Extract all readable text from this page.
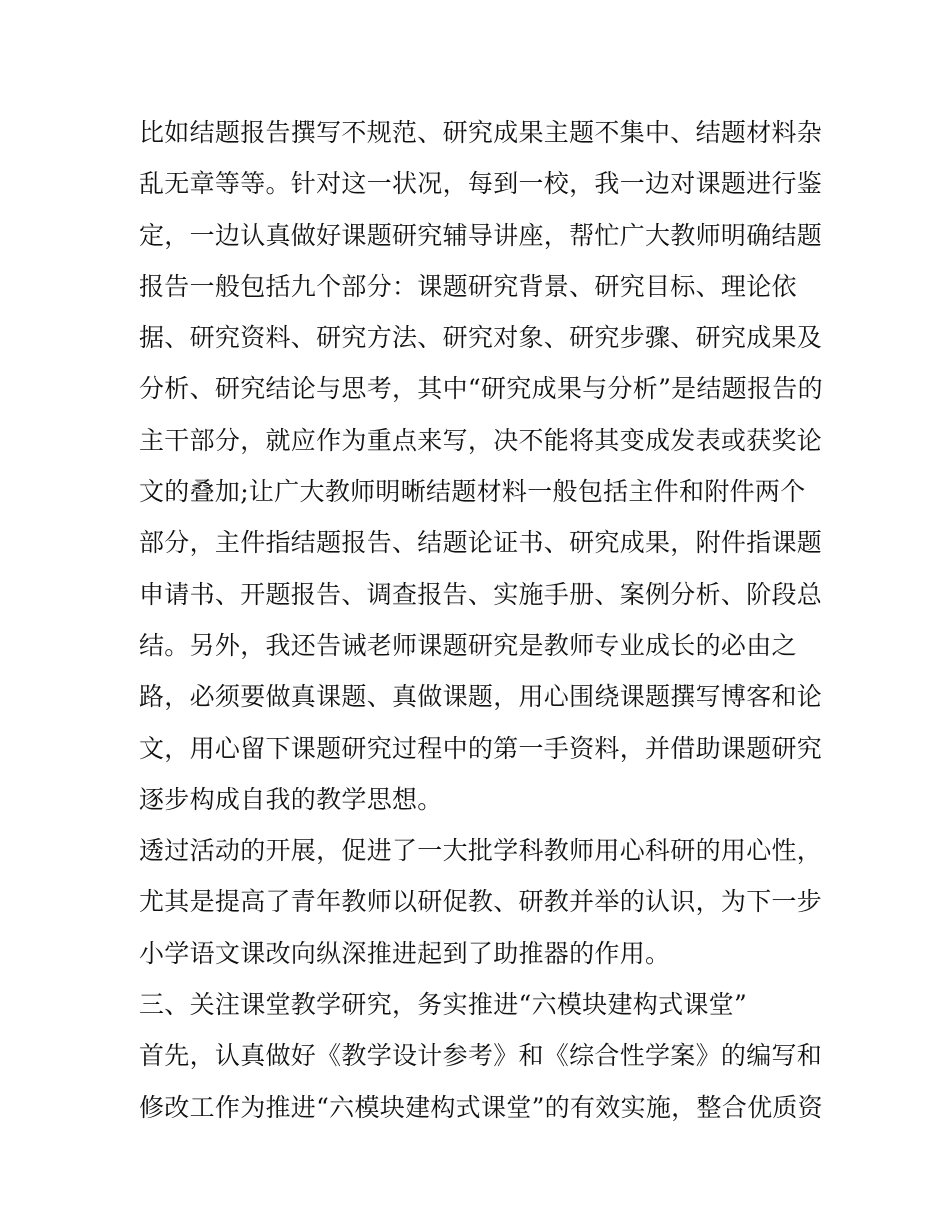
比如结题报告撰写不规范、研究成果主题不集中、结题材料杂
乱无章等等。针对这一状况，每到一校，我一边对课题进行鉴
定，一边认真做好课题研究辅导讲座，帮忙广大教师明确结题
报告一般包括九个部分：课题研究背景、研究目标、理论依
据、研究资料、研究方法、研究对象、研究步骤、研究成果及
分析、研究结论与思考，其中“研究成果与分析”是结题报告的
主干部分，就应作为重点来写，决不能将其变成发表或获奖论
文的叠加;让广大教师明晰结题材料一般包括主件和附件两个
部分，主件指结题报告、结题论证书、研究成果，附件指课题
申请书、开题报告、调查报告、实施手册、案例分析、阶段总
结。另外，我还告诫老师课题研究是教师专业成长的必由之
路，必须要做真课题、真做课题，用心围绕课题撰写博客和论
文，用心留下课题研究过程中的第一手资料，并借助课题研究
逐步构成自我的教学思想。
透过活动的开展，促进了一大批学科教师用心科研的用心性，
尤其是提高了青年教师以研促教、研教并举的认识，为下一步
小学语文课改向纵深推进起到了助推器的作用。
三、关注课堂教学研究，务实推进“六模块建构式课堂”
首先，认真做好《教学设计参考》和《综合性学案》的编写和
修改工作为推进“六模块建构式课堂”的有效实施，整合优质资
